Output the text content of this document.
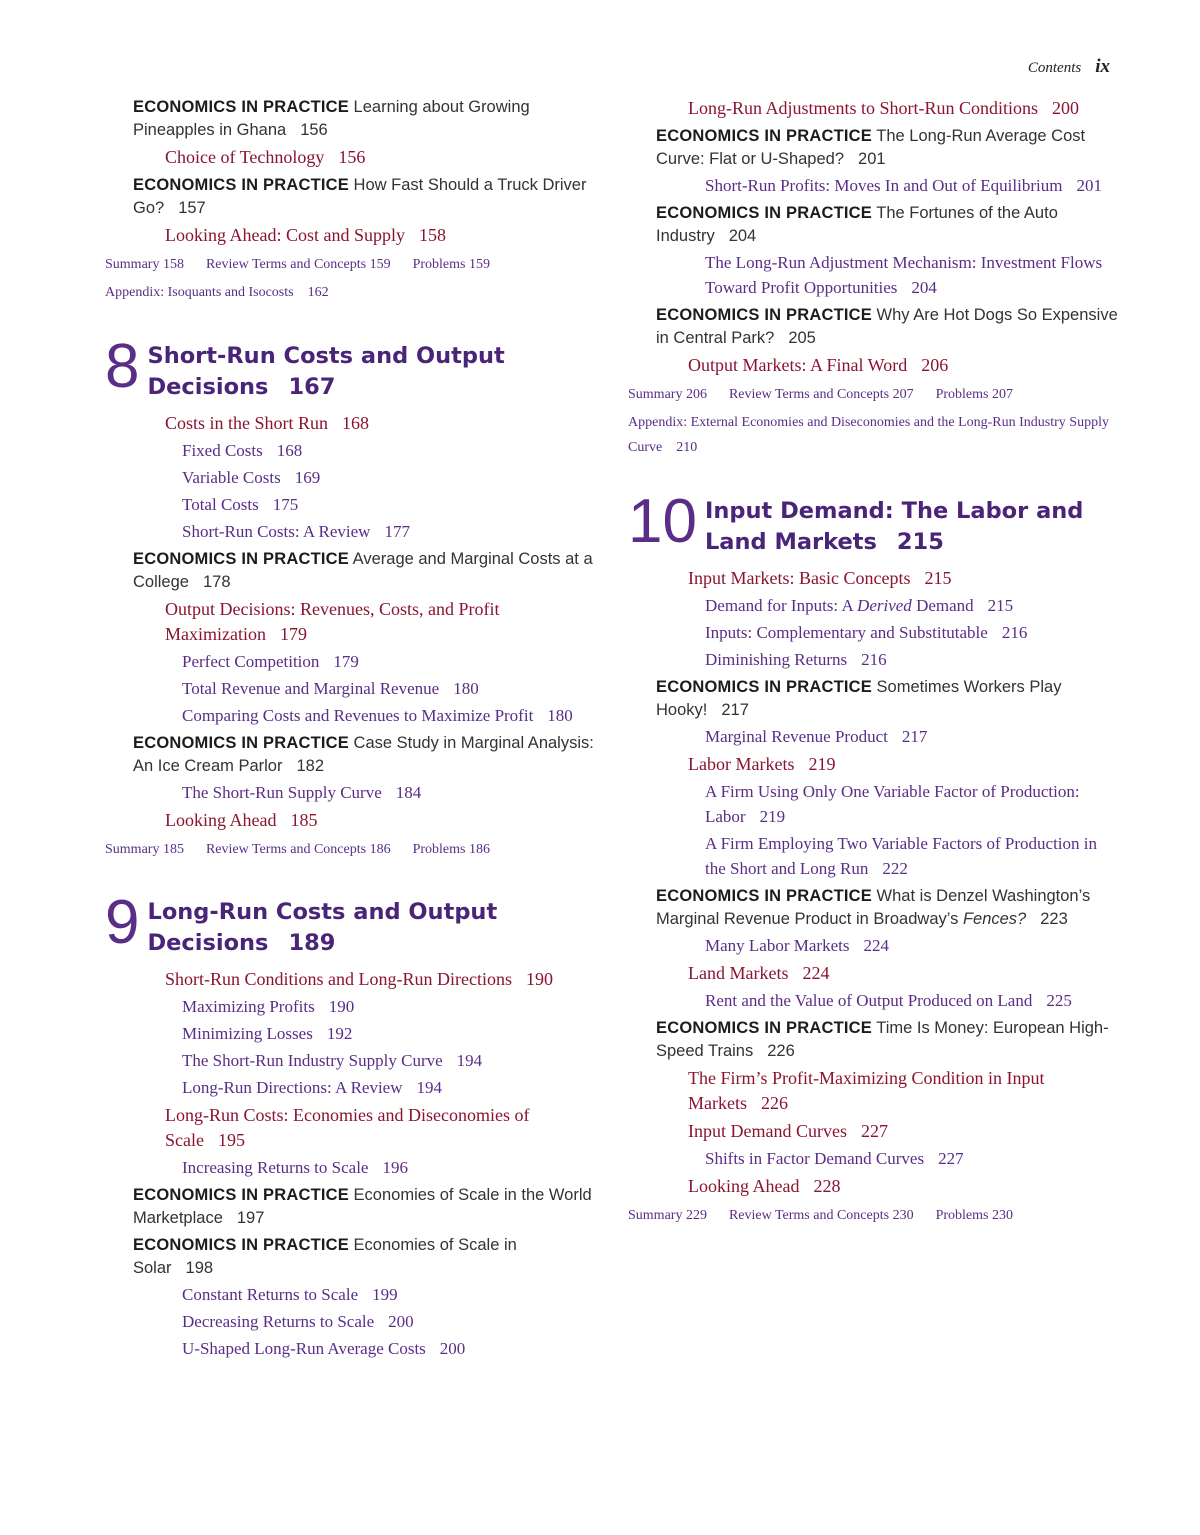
Contents ix
ECONOMICS IN PRACTICE Learning about Growing Pineapples in Ghana 156
Choice of Technology 156
ECONOMICS IN PRACTICE How Fast Should a Truck Driver Go? 157
Looking Ahead: Cost and Supply 158
Summary 158 Review Terms and Concepts 159 Problems 159
Appendix: Isoquants and Isocosts 162
8 Short-Run Costs and Output Decisions 167
Costs in the Short Run 168
Fixed Costs 168
Variable Costs 169
Total Costs 175
Short-Run Costs: A Review 177
ECONOMICS IN PRACTICE Average and Marginal Costs at a College 178
Output Decisions: Revenues, Costs, and Profit Maximization 179
Perfect Competition 179
Total Revenue and Marginal Revenue 180
Comparing Costs and Revenues to Maximize Profit 180
ECONOMICS IN PRACTICE Case Study in Marginal Analysis: An Ice Cream Parlor 182
The Short-Run Supply Curve 184
Looking Ahead 185
Summary 185 Review Terms and Concepts 186 Problems 186
9 Long-Run Costs and Output Decisions 189
Short-Run Conditions and Long-Run Directions 190
Maximizing Profits 190
Minimizing Losses 192
The Short-Run Industry Supply Curve 194
Long-Run Directions: A Review 194
Long-Run Costs: Economies and Diseconomies of Scale 195
Increasing Returns to Scale 196
ECONOMICS IN PRACTICE Economies of Scale in the World Marketplace 197
ECONOMICS IN PRACTICE Economies of Scale in Solar 198
Constant Returns to Scale 199
Decreasing Returns to Scale 200
U-Shaped Long-Run Average Costs 200
Long-Run Adjustments to Short-Run Conditions 200
ECONOMICS IN PRACTICE The Long-Run Average Cost Curve: Flat or U-Shaped? 201
Short-Run Profits: Moves In and Out of Equilibrium 201
ECONOMICS IN PRACTICE The Fortunes of the Auto Industry 204
The Long-Run Adjustment Mechanism: Investment Flows Toward Profit Opportunities 204
ECONOMICS IN PRACTICE Why Are Hot Dogs So Expensive in Central Park? 205
Output Markets: A Final Word 206
Summary 206 Review Terms and Concepts 207 Problems 207
Appendix: External Economies and Diseconomies and the Long-Run Industry Supply Curve 210
10 Input Demand: The Labor and Land Markets 215
Input Markets: Basic Concepts 215
Demand for Inputs: A Derived Demand 215
Inputs: Complementary and Substitutable 216
Diminishing Returns 216
ECONOMICS IN PRACTICE Sometimes Workers Play Hooky! 217
Marginal Revenue Product 217
Labor Markets 219
A Firm Using Only One Variable Factor of Production: Labor 219
A Firm Employing Two Variable Factors of Production in the Short and Long Run 222
ECONOMICS IN PRACTICE What is Denzel Washington’s Marginal Revenue Product in Broadway’s Fences? 223
Many Labor Markets 224
Land Markets 224
Rent and the Value of Output Produced on Land 225
ECONOMICS IN PRACTICE Time Is Money: European High-Speed Trains 226
The Firm’s Profit-Maximizing Condition in Input Markets 226
Input Demand Curves 227
Shifts in Factor Demand Curves 227
Looking Ahead 228
Summary 229 Review Terms and Concepts 230 Problems 230
